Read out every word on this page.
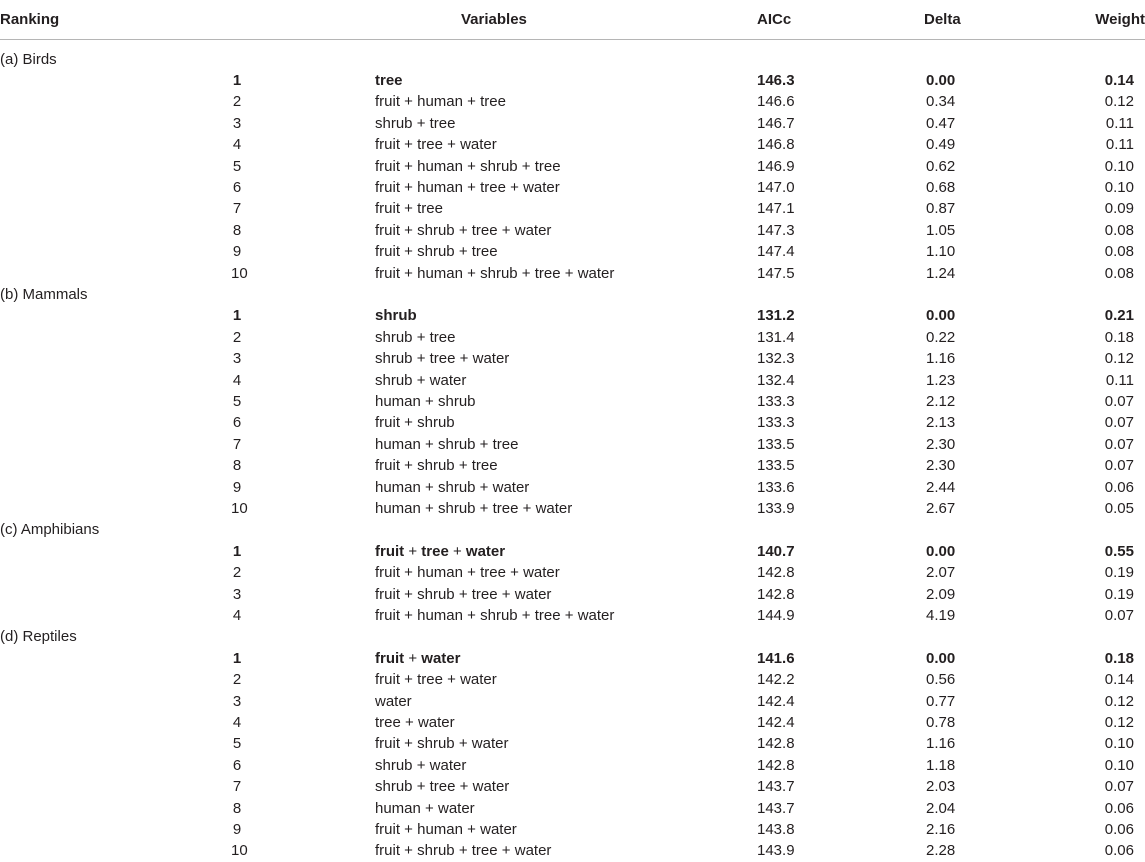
Ranking	Variables	AICc	Delta	Weight
(a) Birds
1	tree	146.3	0.00	0.14
2	fruit + human + tree	146.6	0.34	0.12
3	shrub + tree	146.7	0.47	0.11
4	fruit + tree + water	146.8	0.49	0.11
5	fruit + human + shrub + tree	146.9	0.62	0.10
6	fruit + human + tree + water	147.0	0.68	0.10
7	fruit + tree	147.1	0.87	0.09
8	fruit + shrub + tree + water	147.3	1.05	0.08
9	fruit + shrub + tree	147.4	1.10	0.08
10	fruit + human + shrub + tree + water	147.5	1.24	0.08
(b) Mammals
1	shrub	131.2	0.00	0.21
2	shrub + tree	131.4	0.22	0.18
3	shrub + tree + water	132.3	1.16	0.12
4	shrub + water	132.4	1.23	0.11
5	human + shrub	133.3	2.12	0.07
6	fruit + shrub	133.3	2.13	0.07
7	human + shrub + tree	133.5	2.30	0.07
8	fruit + shrub + tree	133.5	2.30	0.07
9	human + shrub + water	133.6	2.44	0.06
10	human + shrub + tree + water	133.9	2.67	0.05
(c) Amphibians
1	fruit + tree + water	140.7	0.00	0.55
2	fruit + human + tree + water	142.8	2.07	0.19
3	fruit + shrub + tree + water	142.8	2.09	0.19
4	fruit + human + shrub + tree + water	144.9	4.19	0.07
(d) Reptiles
1	fruit + water	141.6	0.00	0.18
2	fruit + tree + water	142.2	0.56	0.14
3	water	142.4	0.77	0.12
4	tree + water	142.4	0.78	0.12
5	fruit + shrub + water	142.8	1.16	0.10
6	shrub + water	142.8	1.18	0.10
7	shrub + tree + water	143.7	2.03	0.07
8	human + water	143.7	2.04	0.06
9	fruit + human + water	143.8	2.16	0.06
10	fruit + shrub + tree + water	143.9	2.28	0.06
